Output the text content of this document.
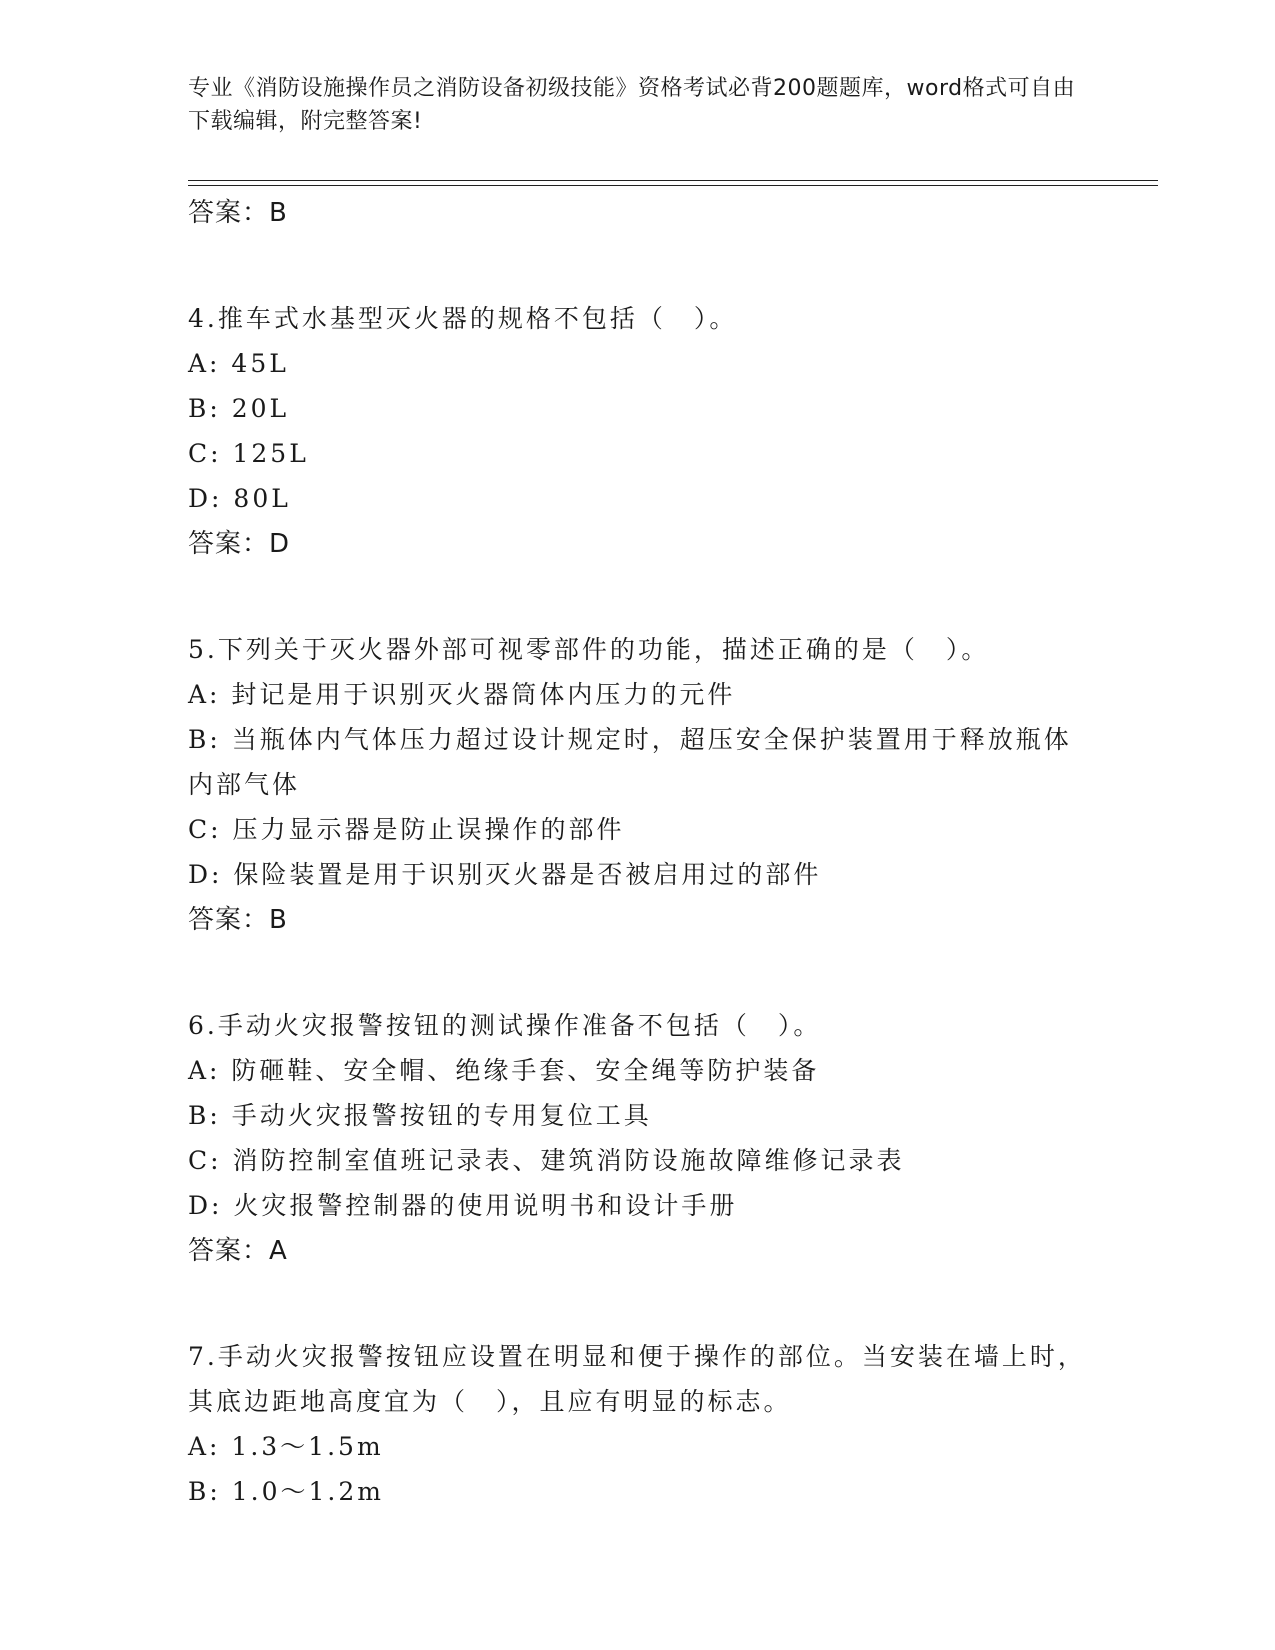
专业《消防设施操作员之消防设备初级技能》资格考试必背200题题库，word格式可自由下载编辑，附完整答案!
答案：B
4.推车式水基型灭火器的规格不包括（　）。
A: 45L
B: 20L
C: 125L
D: 80L
答案：D
5.下列关于灭火器外部可视零部件的功能，描述正确的是（　）。
A: 封记是用于识别灭火器筒体内压力的元件
B: 当瓶体内气体压力超过设计规定时，超压安全保护装置用于释放瓶体内部气体
C: 压力显示器是防止误操作的部件
D: 保险装置是用于识别灭火器是否被启用过的部件
答案：B
6.手动火灾报警按钮的测试操作准备不包括（　）。
A: 防砸鞋、安全帽、绝缘手套、安全绳等防护装备
B: 手动火灾报警按钮的专用复位工具
C: 消防控制室值班记录表、建筑消防设施故障维修记录表
D: 火灾报警控制器的使用说明书和设计手册
答案：A
7.手动火灾报警按钮应设置在明显和便于操作的部位。当安装在墙上时，其底边距地高度宜为（　），且应有明显的标志。
A: 1.3～1.5m
B: 1.0～1.2m
